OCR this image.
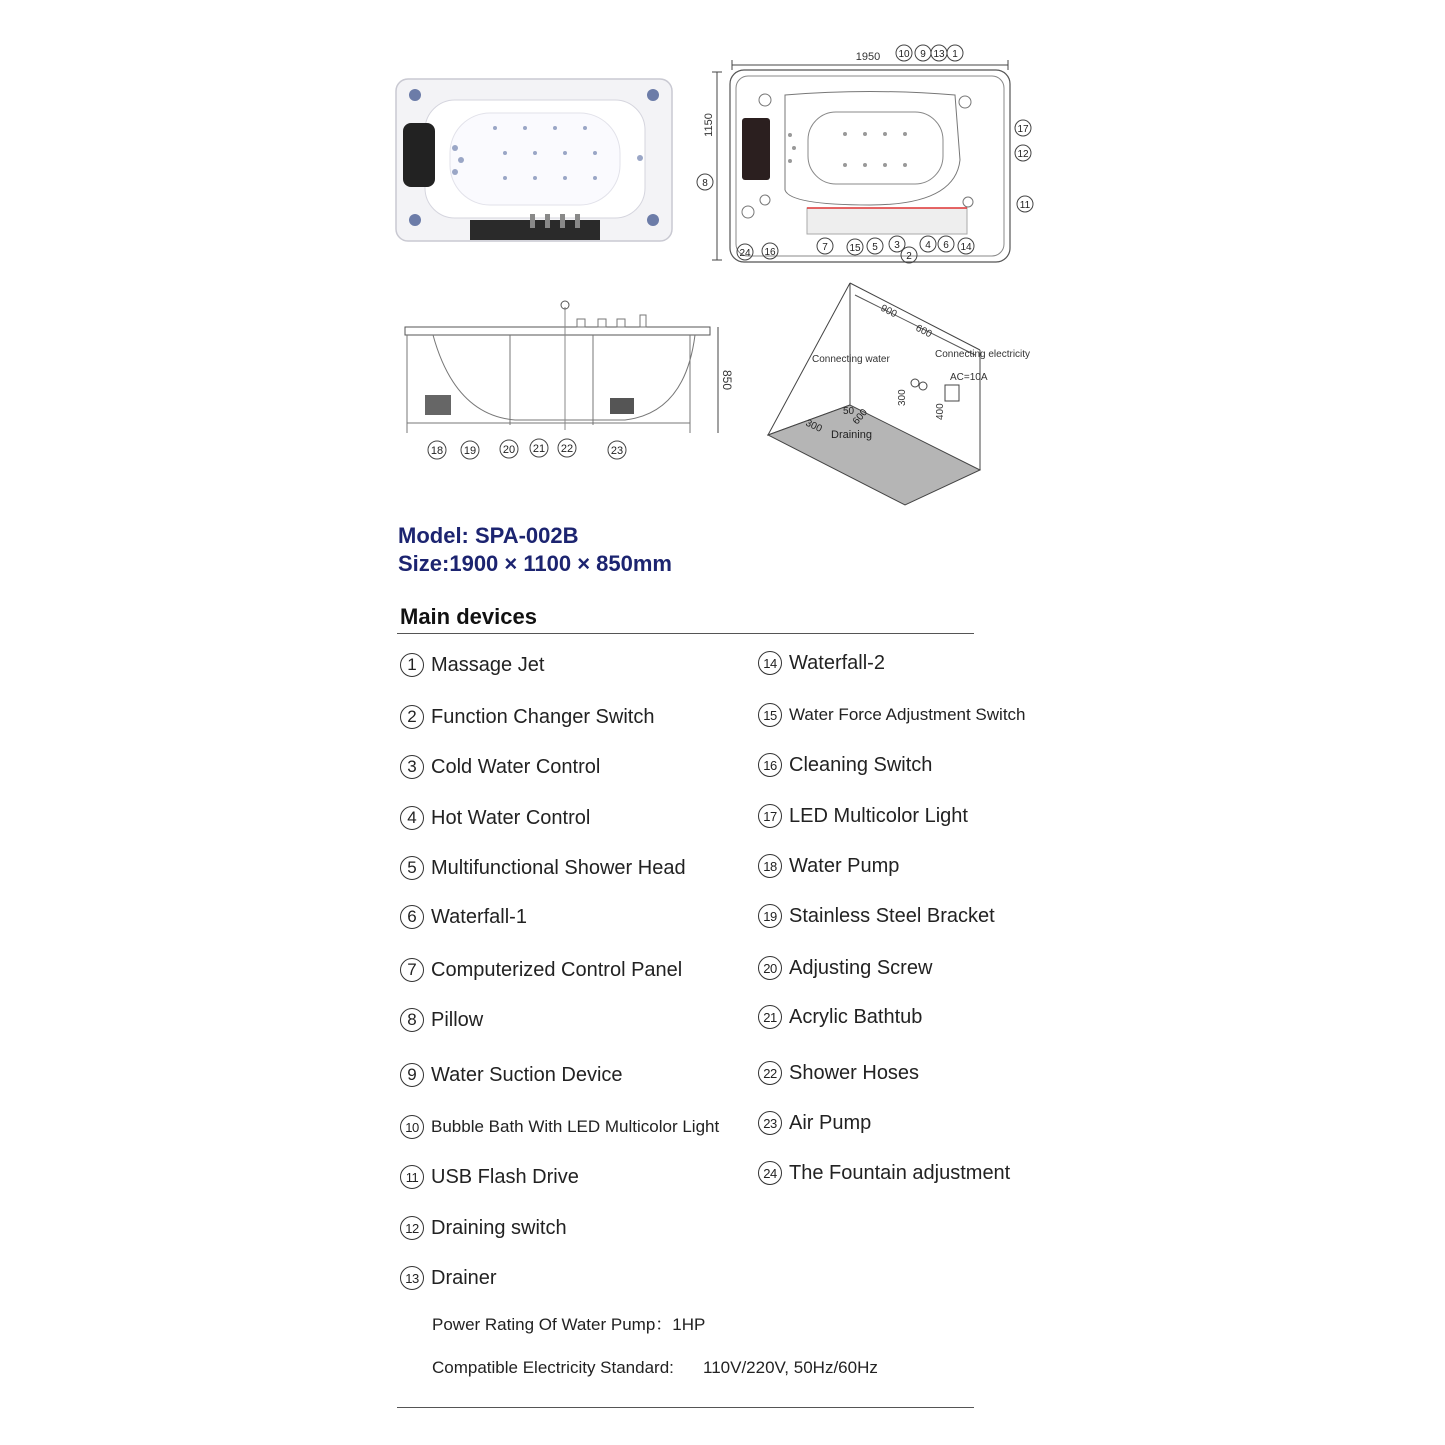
1950
1150
10 9 13 1
17
12
11
8
7 15 5 3
2
4 6 14
24 16
850
18 19 20 21 22	23
900
600
Connecting water	Connecting electricity
AC=10A
300
400
50
300	600
Draining
Model: SPA-002B
Size:1900 × 1100 × 850mm
Main devices
1 Massage Jet
2 Function Changer Switch
3 Cold Water Control
4 Hot Water Control
5 Multifunctional Shower Head
6 Waterfall-1
7 Computerized Control Panel
8 Pillow
9 Water Suction Device
10 Bubble Bath With LED Multicolor Light
11 USB Flash Drive
12 Draining switch
13 Drainer
14 Waterfall-2
15 Water Force Adjustment Switch
16 Cleaning Switch
17 LED Multicolor Light
18 Water Pump
19 Stainless Steel Bracket
20 Adjusting Screw
21 Acrylic Bathtub
22 Shower Hoses
23 Air Pump
24 The Fountain adjustment
Power Rating Of Water Pump：1HP
Compatible Electricity Standard: 110V/220V, 50Hz/60Hz
